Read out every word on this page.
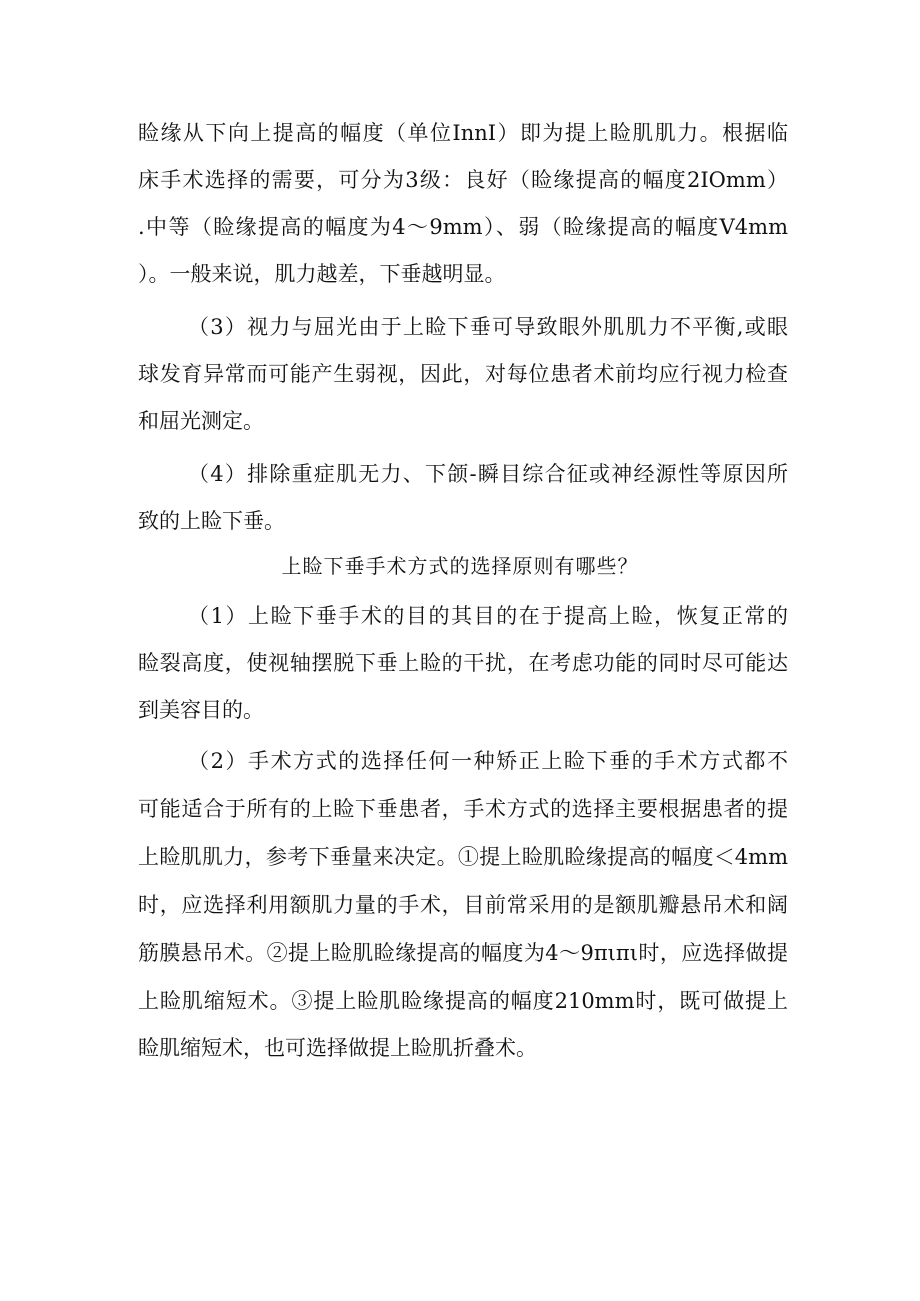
睑缘从下向上提高的幅度（单位InnI）即为提上睑肌肌力。根据临
床手术选择的需要，可分为3级：良好（睑缘提高的幅度2IOmm）
.中等（睑缘提高的幅度为4～9mm）、弱（睑缘提高的幅度V4mm
）。一般来说，肌力越差，下垂越明显。
（3）视力与屈光由于上睑下垂可导致眼外肌肌力不平衡,或眼
球发育异常而可能产生弱视，因此，对每位患者术前均应行视力检查
和屈光测定。
（4）排除重症肌无力、下颌-瞬目综合征或神经源性等原因所
致的上睑下垂。
上睑下垂手术方式的选择原则有哪些？
（1）上睑下垂手术的目的其目的在于提高上睑，恢复正常的
睑裂高度，使视轴摆脱下垂上睑的干扰，在考虑功能的同时尽可能达
到美容目的。
（2）手术方式的选择任何一种矫正上睑下垂的手术方式都不
可能适合于所有的上睑下垂患者，手术方式的选择主要根据患者的提
上睑肌肌力，参考下垂量来决定。①提上睑肌睑缘提高的幅度＜4mm
时，应选择利用额肌力量的手术，目前常采用的是额肌瓣悬吊术和阔
筋膜悬吊术。②提上睑肌睑缘提高的幅度为4～9πιπι时，应选择做提
上睑肌缩短术。③提上睑肌睑缘提高的幅度210mm时，既可做提上
睑肌缩短术，也可选择做提上睑肌折叠术。
